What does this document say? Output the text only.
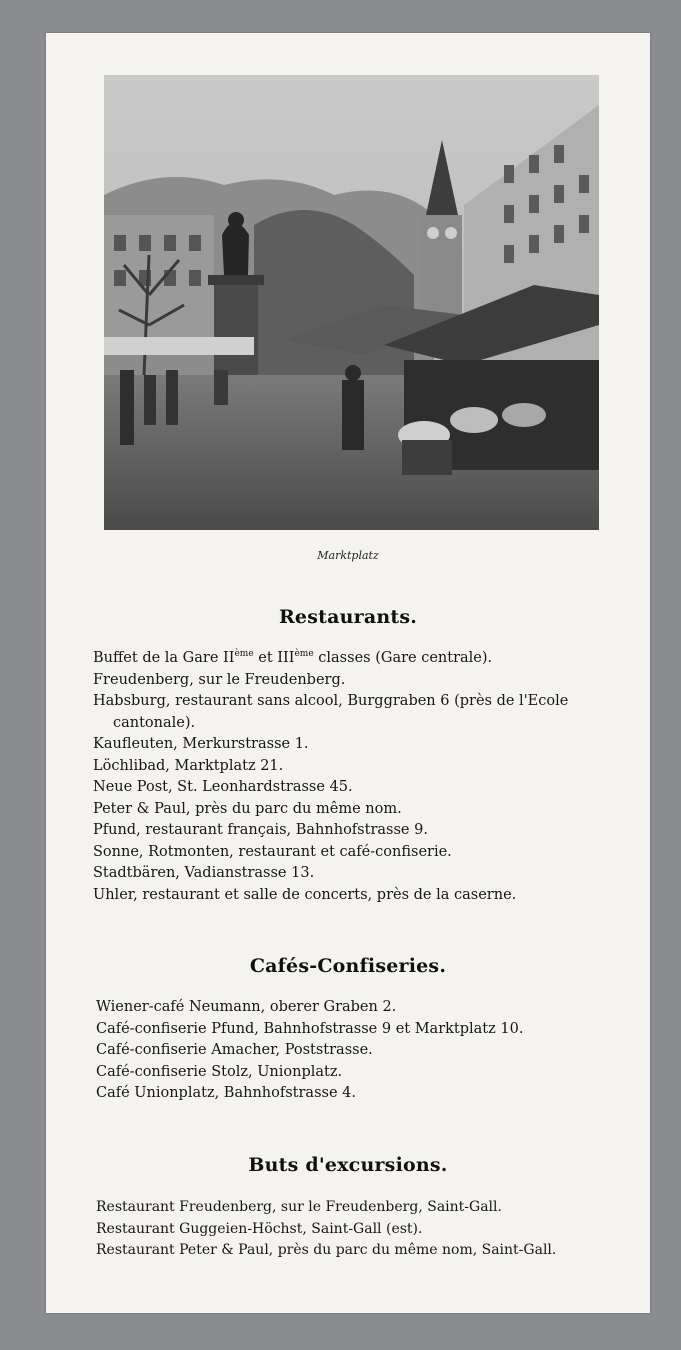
Marktplatz
Restaurants.
Buffet de la Gare IIème et IIIème classes (Gare centrale).
Freudenberg, sur le Freudenberg.
Habsburg, restaurant sans alcool, Burggraben 6 (près de l'Ecole cantonale).
Kaufleuten, Merkurstrasse 1.
Löchlibad, Marktplatz 21.
Neue Post, St. Leonhardstrasse 45.
Peter & Paul, près du parc du même nom.
Pfund, restaurant français, Bahnhofstrasse 9.
Sonne, Rotmonten, restaurant et café-confiserie.
Stadtbären, Vadianstrasse 13.
Uhler, restaurant et salle de concerts, près de la caserne.
Cafés-Confiseries.
Wiener-café Neumann, oberer Graben 2.
Café-confiserie Pfund, Bahnhofstrasse 9 et Marktplatz 10.
Café-confiserie Amacher, Poststrasse.
Café-confiserie Stolz, Unionplatz.
Café Unionplatz, Bahnhofstrasse 4.
Buts d'excursions.
Restaurant Freudenberg, sur le Freudenberg, Saint-Gall.
Restaurant Guggeien-Höchst, Saint-Gall (est).
Restaurant Peter & Paul, près du parc du même nom, Saint-Gall.
